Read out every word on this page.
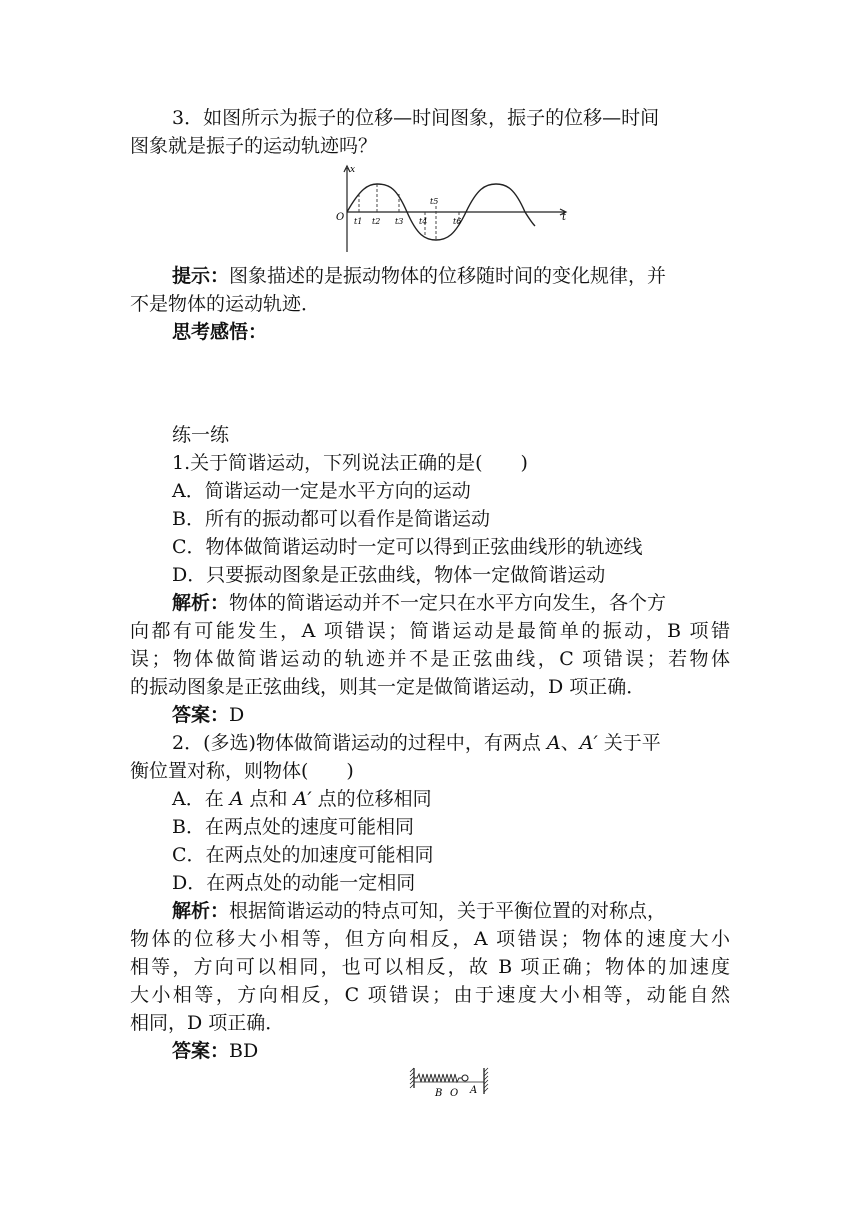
3．如图所示为振子的位移—时间图象，振子的位移—时间
图象就是振子的运动轨迹吗？
x
t
O t1 t2 t3 t4
t5
t6
提示：图象描述的是振动物体的位移随时间的变化规律，并
不是物体的运动轨迹．
思考感悟：
练一练
1.关于简谐运动，下列说法正确的是(　　)
A．简谐运动一定是水平方向的运动
B．所有的振动都可以看作是简谐运动
C．物体做简谐运动时一定可以得到正弦曲线形的轨迹线
D．只要振动图象是正弦曲线，物体一定做简谐运动
解析：物体的简谐运动并不一定只在水平方向发生，各个方
向都有可能发生，A 项错误；简谐运动是最简单的振动，B 项错
误；物体做简谐运动的轨迹并不是正弦曲线，C 项错误；若物体
的振动图象是正弦曲线，则其一定是做简谐运动，D 项正确．
答案：D
2．(多选)物体做简谐运动的过程中，有两点 A、A′ 关于平
衡位置对称，则物体(　　)
A．在 A 点和 A′ 点的位移相同
B．在两点处的速度可能相同
C．在两点处的加速度可能相同
D．在两点处的动能一定相同
解析：根据简谐运动的特点可知，关于平衡位置的对称点，
物体的位移大小相等，但方向相反，A 项错误；物体的速度大小
相等，方向可以相同，也可以相反，故 B 项正确；物体的加速度
大小相等，方向相反，C 项错误；由于速度大小相等，动能自然
相同，D 项正确．
答案：BD
B O A
